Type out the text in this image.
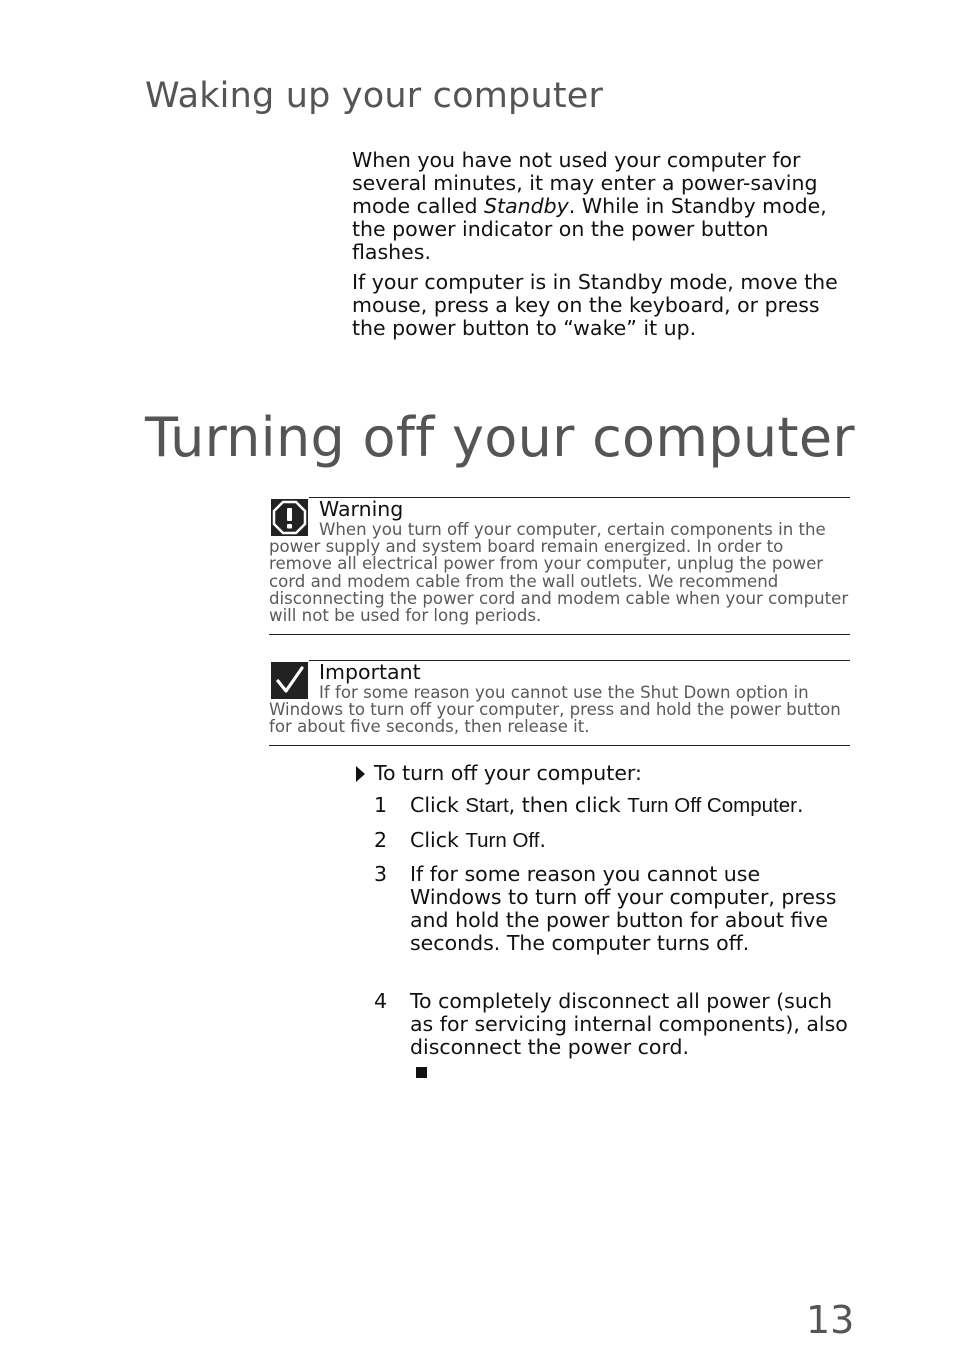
Waking up your computer

When you have not used your computer for several minutes, it may enter a power-saving mode called Standby. While in Standby mode, the power indicator on the power button flashes.

If your computer is in Standby mode, move the mouse, press a key on the keyboard, or press the power button to “wake” it up.

Turning off your computer
Warning
When you turn off your computer, certain components in the power supply and system board remain energized. In order to remove all electrical power from your computer, unplug the power cord and modem cable from the wall outlets. We recommend disconnecting the power cord and modem cable when your computer will not be used for long periods.
Important
If for some reason you cannot use the Shut Down option in Windows to turn off your computer, press and hold the power button for about five seconds, then release it.
To turn off your computer:
1 Click Start, then click Turn Off Computer.
2 Click Turn Off.
3 If for some reason you cannot use Windows to turn off your computer, press and hold the power button for about five seconds. The computer turns off.
4 To completely disconnect all power (such as for servicing internal components), also disconnect the power cord.
13
